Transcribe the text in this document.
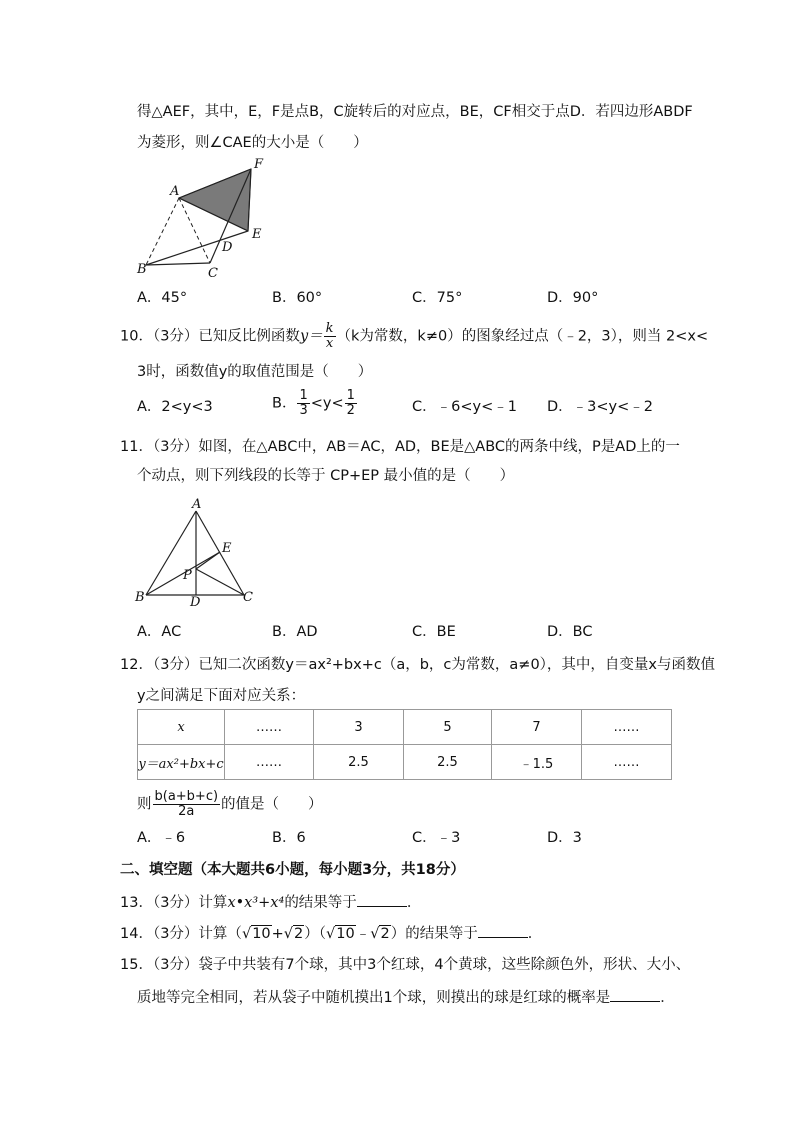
得△AEF，其中，E，F是点B，C旋转后的对应点，BE，CF相交于点D．若四边形ABDF
为菱形，则∠CAE的大小是（　　）
A
F
E
D
B	C
A．45°	B．60°	C．75°	D．90°
10．（3分）已知反比例函数$y= \frac{k}{x} (k$为常数，k≠0）的图象经过点（﹣2，3），则当 2<x<
3时，函数值y的取值范围是（　　）
A．2<y<3	B． $\frac{1}{3} <y< \frac{1}{2}$	C．﹣6<y<﹣1 D．﹣3<y<﹣2
11．（3分）如图，在△ABC中，AB＝AC，AD，BE是△ABC的两条中线，P是AD上的一
个动点，则下列线段的长等于 CP+EP 最小值的是（　　）
A
E
P
B	D	C
A．AC	B．AD	C．BE	D．BC
12．（3分）已知二次函数y＝ax²+bx+c（a，b，c为常数，a≠0），其中，自变量x与函数值
y之间满足下面对应关系：
x	……	3	5	7	……
y＝ax²+bx+c	……	2.5	2.5	﹣1.5	……
则 $\frac{b(a+b+c)}{2a}$ 的值是（　　）
A．﹣6	B．6	C．﹣3	D．3
二、填空题（本大题共6小题，每小题3分，共18分）
13．（3分）计算x•x³+x⁴的结果等于	．
14．（3分）计算（√10+√2）（√10﹣√2）的结果等于	．
15．（3分）袋子中共装有7个球，其中3个红球，4个黄球，这些除颜色外，形状、大小、
质地等完全相同，若从袋子中随机摸出1个球，则摸出的球是红球的概率是	．
